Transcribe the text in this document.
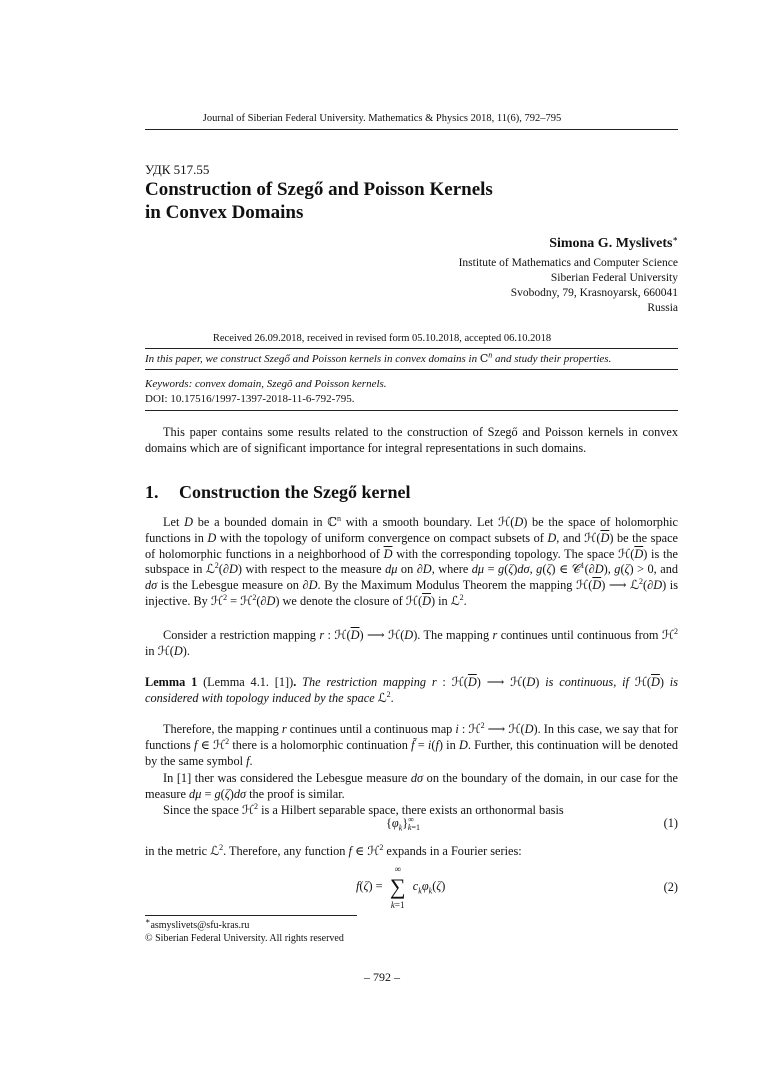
Journal of Siberian Federal University. Mathematics & Physics 2018, 11(6), 792–795
УДК 517.55
Construction of Szegő and Poisson Kernels
in Convex Domains
Simona G. Myslivets∗
Institute of Mathematics and Computer Science
Siberian Federal University
Svobodny, 79, Krasnoyarsk, 660041
Russia
Received 26.09.2018, received in revised form 05.10.2018, accepted 06.10.2018
In this paper, we construct Szegő and Poisson kernels in convex domains in $C^n$ and study their properties.
Keywords: convex domain, Szegõ and Poisson kernels.
DOI: 10.17516/1997-1397-2018-11-6-792-795.
This paper contains some results related to the construction of Szegő and Poisson kernels in convex domains which are of significant importance for integral representations in such domains.
1. Construction the Szegő kernel
Let D be a bounded domain in ℂ$^n$ with a smooth boundary. Let ℋ(D) be the space of holomorphic functions in D with the topology of uniform convergence on compact subsets of D, and $ℋ(\overline{D})$ be the space of holomorphic functions in a neighborhood of $\overline{D}$ with the corresponding topology. The space $ℋ(\overline{D})$ is the subspace in ℒ$^2$(∂D) with respect to the measure dμ on ∂D, where dμ = g(ζ)dσ, g(ζ) ∈ 𝒞$^1$(∂D), g(ζ) > 0, and dσ is the Lebesgue measure on ∂D. By the Maximum Modulus Theorem the mapping $ℋ(\overline{D})$ ⟶ ℒ$^2$(∂D) is injective. By ℋ$^2$ = ℋ$^2$(∂D) we denote the closure of $ℋ(\overline{D})$ in ℒ$^2$.
Consider a restriction mapping r : $ℋ(\overline{D})$ ⟶ ℋ(D). The mapping r continues until continuous from ℋ$^2$ in ℋ(D).
Lemma 1 (Lemma 4.1. [1]). The restriction mapping r : $ℋ(\overline{D})$ ⟶ ℋ(D) is continuous, if $ℋ(\overline{D})$ is considered with topology induced by the space ℒ$^2$.
Therefore, the mapping r continues until a continuous map i : ℋ$^2$ ⟶ ℋ(D). In this case, we say that for functions f ∈ ℋ$^2$ there is a holomorphic continuation f̃ = i(f) in D. Further, this continuation will be denoted by the same symbol f.
In [1] ther was considered the Lebesgue measure dσ on the boundary of the domain, in our case for the measure dμ = g(ζ)dσ the proof is similar.
Since the space ℋ$^2$ is a Hilbert separable space, there exists an orthonormal basis
$\{\varphi_k\}^\infty_{k=1}$	(1)
in the metric ℒ$^2$. Therefore, any function f ∈ ℋ$^2$ expands in a Fourier series:
f(ζ) =
∞
∑
k=1
$c_k\varphi_k(\zeta)$	(2)
∗asmyslivets@sfu-kras.ru
© Siberian Federal University. All rights reserved
– 792 –
